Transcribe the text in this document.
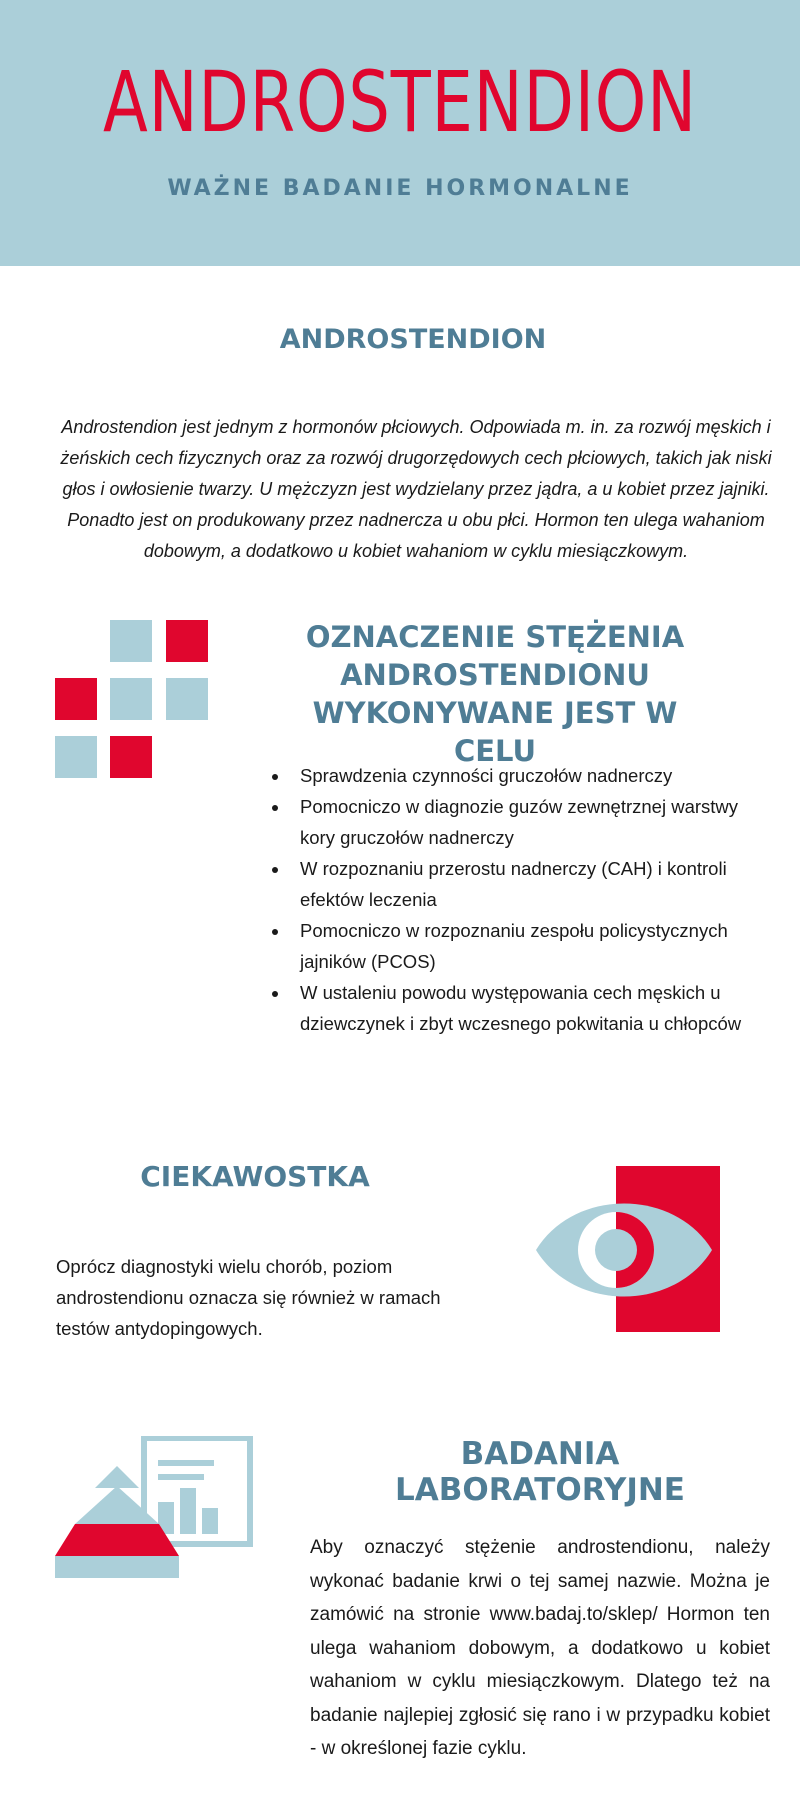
ANDROSTENDION
WAŻNE BADANIE HORMONALNE
ANDROSTENDION

Androstendion jest jednym z hormonów płciowych. Odpowiada m. in. za rozwój męskich i żeńskich cech fizycznych oraz za rozwój drugorzędowych cech płciowych, takich jak niski głos i owłosienie twarzy. U mężczyzn jest wydzielany przez jądra, a u kobiet przez jajniki. Ponadto jest on produkowany przez nadnercza u obu płci. Hormon ten ulega wahaniom dobowym, a dodatkowo u kobiet wahaniom w cyklu miesiączkowym.

OZNACZENIE STĘŻENIA ANDROSTENDIONU WYKONYWANE JEST W CELU
• Sprawdzenia czynności gruczołów nadnerczy
• Pomocniczo w diagnozie guzów zewnętrznej warstwy kory gruczołów nadnerczy
• W rozpoznaniu przerostu nadnerczy (CAH) i kontroli efektów leczenia
• Pomocniczo w rozpoznaniu zespołu policystycznych jajników (PCOS)
• W ustaleniu powodu występowania cech męskich u dziewczynek i zbyt wczesnego pokwitania u chłopców
CIEKAWOSTKA

Oprócz diagnostyki wielu chorób, poziom androstendionu oznacza się również w ramach testów antydopingowych.

BADANIA LABORATORYJNE

Aby oznaczyć stężenie androstendionu, należy wykonać badanie krwi o tej samej nazwie. Można je zamówić na stronie www.badaj.to/sklep/ Hormon ten ulega wahaniom dobowym, a dodatkowo u kobiet wahaniom w cyklu miesiączkowym. Dlatego też na badanie najlepiej zgłosić się rano i w przypadku kobiet - w określonej fazie cyklu.
